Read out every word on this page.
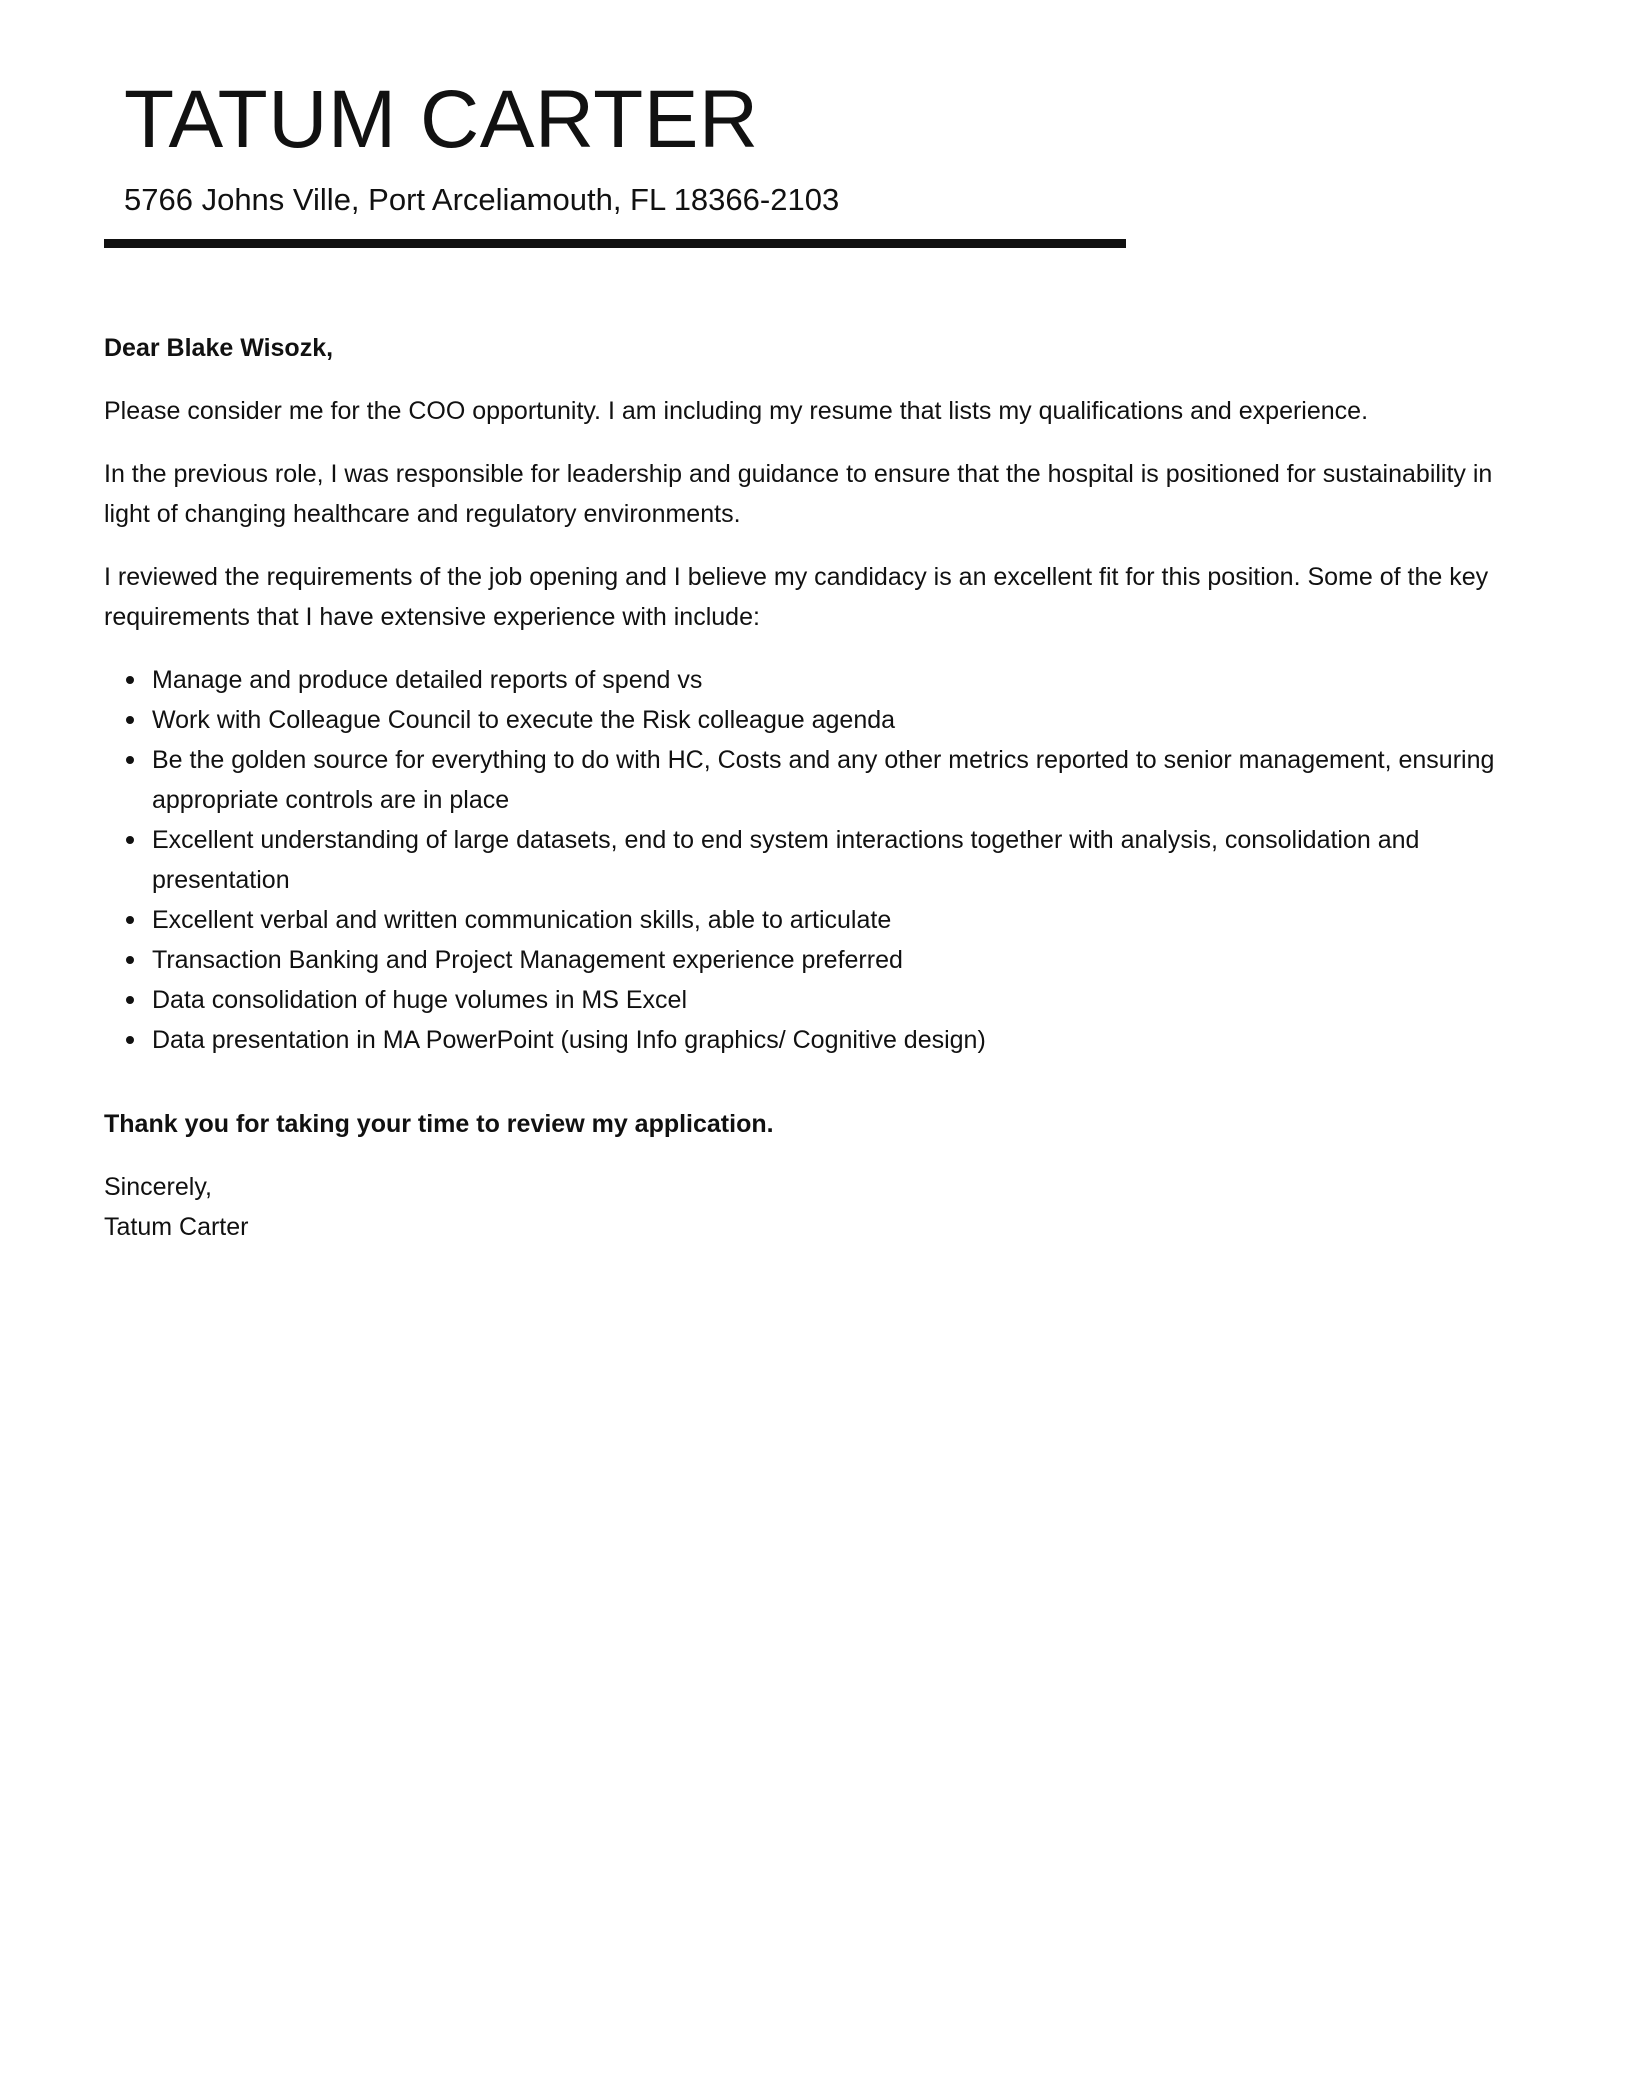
TATUM CARTER

5766 Johns Ville, Port Arceliamouth, FL 18366-2103

Dear Blake Wisozk,

Please consider me for the COO opportunity. I am including my resume that lists my qualifications and experience.

In the previous role, I was responsible for leadership and guidance to ensure that the hospital is positioned for sustainability in light of changing healthcare and regulatory environments.

I reviewed the requirements of the job opening and I believe my candidacy is an excellent fit for this position. Some of the key requirements that I have extensive experience with include:

Manage and produce detailed reports of spend vs
Work with Colleague Council to execute the Risk colleague agenda
Be the golden source for everything to do with HC, Costs and any other metrics reported to senior management, ensuring appropriate controls are in place
Excellent understanding of large datasets, end to end system interactions together with analysis, consolidation and presentation
Excellent verbal and written communication skills, able to articulate
Transaction Banking and Project Management experience preferred
Data consolidation of huge volumes in MS Excel
Data presentation in MA PowerPoint (using Info graphics/ Cognitive design)

Thank you for taking your time to review my application.

Sincerely,

Tatum Carter
